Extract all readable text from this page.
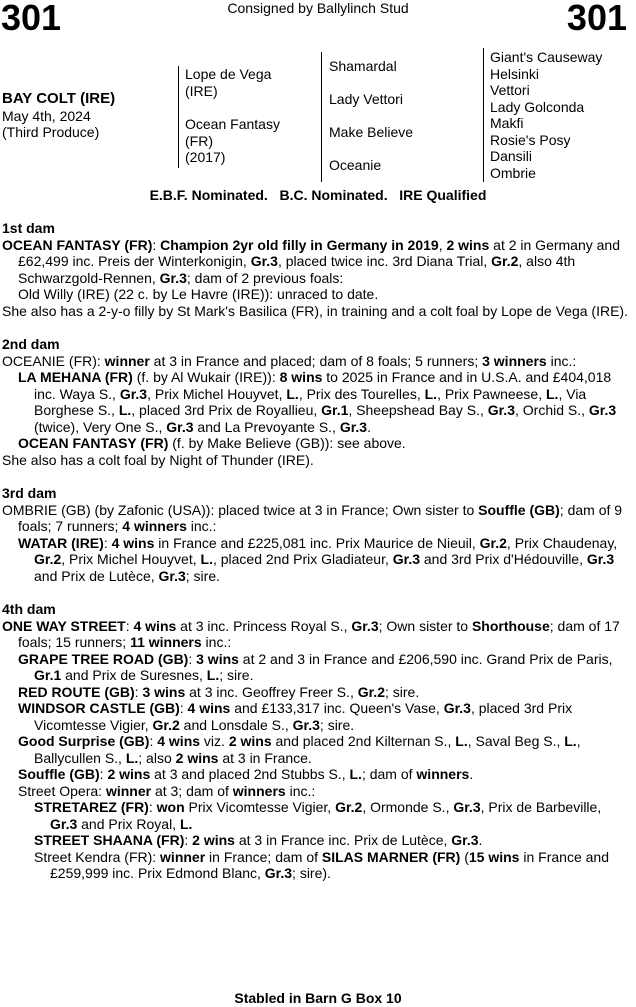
301	301
Consigned by Ballylinch Stud
BAY COLT (IRE)
May 4th, 2024
(Third Produce)
Lope de Vega
(IRE)
Ocean Fantasy
(FR)
(2017)
Shamardal
Lady Vettori
Make Believe
Oceanie
Giant's Causeway
Helsinki
Vettori
Lady Golconda
Makfi
Rosie's Posy
Dansili
Ombrie
E.B.F. Nominated.   B.C. Nominated.   IRE Qualified

1st dam

OCEAN FANTASY (FR): Champion 2yr old filly in Germany in 2019, 2 wins at 2 in Germany and £62,499 inc. Preis der Winterkonigin, Gr.3, placed twice inc. 3rd Diana Trial, Gr.2, also 4th Schwarzgold-Rennen, Gr.3; dam of 2 previous foals:

Old Willy (IRE) (22 c. by Le Havre (IRE)): unraced to date.

She also has a 2-y-o filly by St Mark's Basilica (FR), in training and a colt foal by Lope de Vega (IRE).

2nd dam

OCEANIE (FR): winner at 3 in France and placed; dam of 8 foals; 5 runners; 3 winners inc.:

LA MEHANA (FR) (f. by Al Wukair (IRE)): 8 wins to 2025 in France and in U.S.A. and £404,018 inc. Waya S., Gr.3, Prix Michel Houyvet, L., Prix des Tourelles, L., Prix Pawneese, L., Via Borghese S., L., placed 3rd Prix de Royallieu, Gr.1, Sheepshead Bay S., Gr.3, Orchid S., Gr.3 (twice), Very One S., Gr.3 and La Prevoyante S., Gr.3.

OCEAN FANTASY (FR) (f. by Make Believe (GB)): see above.

She also has a colt foal by Night of Thunder (IRE).

3rd dam

OMBRIE (GB) (by Zafonic (USA)): placed twice at 3 in France; Own sister to Souffle (GB); dam of 9 foals; 7 runners; 4 winners inc.:

WATAR (IRE): 4 wins in France and £225,081 inc. Prix Maurice de Nieuil, Gr.2, Prix Chaudenay, Gr.2, Prix Michel Houyvet, L., placed 2nd Prix Gladiateur, Gr.3 and 3rd Prix d'Hédouville, Gr.3 and Prix de Lutèce, Gr.3; sire.

4th dam

ONE WAY STREET: 4 wins at 3 inc. Princess Royal S., Gr.3; Own sister to Shorthouse; dam of 17 foals; 15 runners; 11 winners inc.:

GRAPE TREE ROAD (GB): 3 wins at 2 and 3 in France and £206,590 inc. Grand Prix de Paris, Gr.1 and Prix de Suresnes, L.; sire.

RED ROUTE (GB): 3 wins at 3 inc. Geoffrey Freer S., Gr.2; sire.

WINDSOR CASTLE (GB): 4 wins and £133,317 inc. Queen's Vase, Gr.3, placed 3rd Prix Vicomtesse Vigier, Gr.2 and Lonsdale S., Gr.3; sire.

Good Surprise (GB): 4 wins viz. 2 wins and placed 2nd Kilternan S., L., Saval Beg S., L., Ballycullen S., L.; also 2 wins at 3 in France.

Souffle (GB): 2 wins at 3 and placed 2nd Stubbs S., L.; dam of winners.

Street Opera: winner at 3; dam of winners inc.:

STRETAREZ (FR): won Prix Vicomtesse Vigier, Gr.2, Ormonde S., Gr.3, Prix de Barbeville, Gr.3 and Prix Royal, L.

STREET SHAANA (FR): 2 wins at 3 in France inc. Prix de Lutèce, Gr.3.

Street Kendra (FR): winner in France; dam of SILAS MARNER (FR) (15 wins in France and £259,999 inc. Prix Edmond Blanc, Gr.3; sire).

Stabled in Barn G Box 10
